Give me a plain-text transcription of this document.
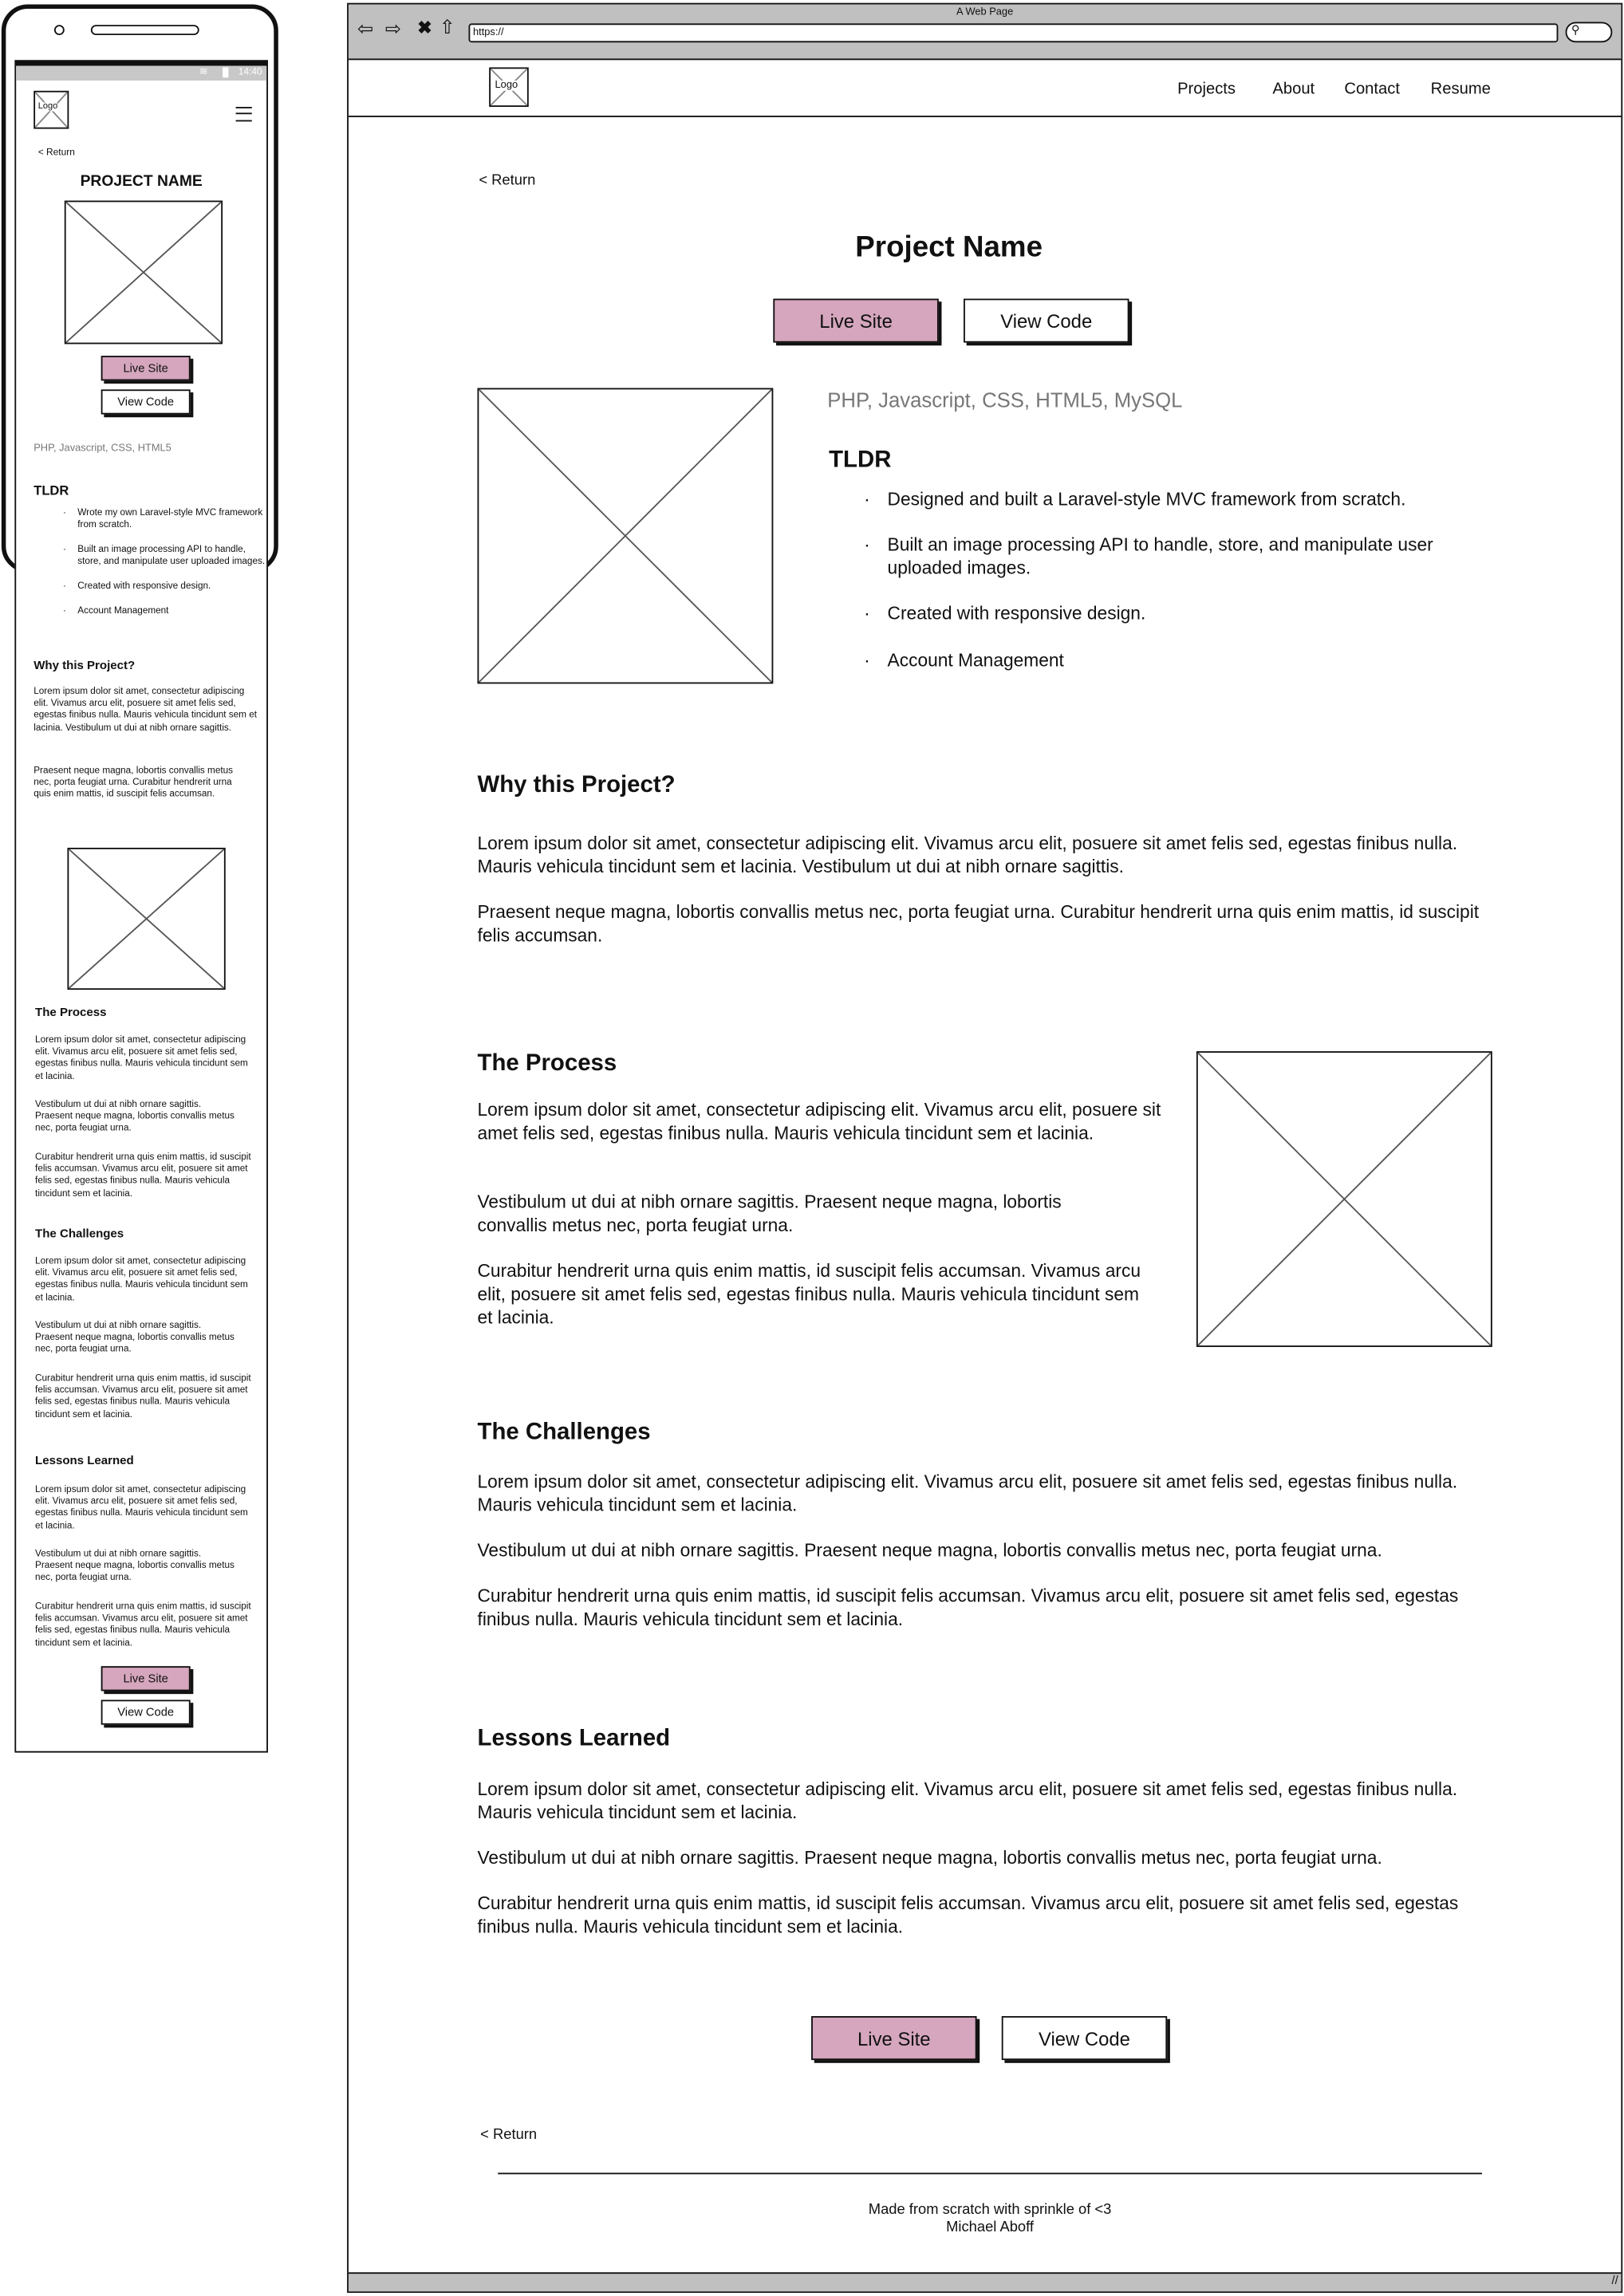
≋	14:40
Logo
< Return
PROJECT NAME
Live Site
View Code
PHP, Javascript, CSS, HTML5
TLDR
· Wrote my own Laravel-style MVC framework from scratch.
· Built an image processing API to handle, store, and manipulate user uploaded images.
· Created with responsive design.
· Account Management
Why this Project?

Lorem ipsum dolor sit amet, consectetur adipiscing elit. Vivamus arcu elit, posuere sit amet felis sed, egestas finibus nulla. Mauris vehicula tincidunt sem et lacinia. Vestibulum ut dui at nibh ornare sagittis.

Praesent neque magna, lobortis convallis metus nec, porta feugiat urna. Curabitur hendrerit urna quis enim mattis, id suscipit felis accumsan.

The Process

Lorem ipsum dolor sit amet, consectetur adipiscing elit. Vivamus arcu elit, posuere sit amet felis sed, egestas finibus nulla. Mauris vehicula tincidunt sem et lacinia.

Vestibulum ut dui at nibh ornare sagittis. Praesent neque magna, lobortis convallis metus nec, porta feugiat urna.

Curabitur hendrerit urna quis enim mattis, id suscipit felis accumsan. Vivamus arcu elit, posuere sit amet felis sed, egestas finibus nulla. Mauris vehicula tincidunt sem et lacinia.

The Challenges

Lorem ipsum dolor sit amet, consectetur adipiscing elit. Vivamus arcu elit, posuere sit amet felis sed, egestas finibus nulla. Mauris vehicula tincidunt sem et lacinia.

Vestibulum ut dui at nibh ornare sagittis. Praesent neque magna, lobortis convallis metus nec, porta feugiat urna.

Curabitur hendrerit urna quis enim mattis, id suscipit felis accumsan. Vivamus arcu elit, posuere sit amet felis sed, egestas finibus nulla. Mauris vehicula tincidunt sem et lacinia.

Lessons Learned

Lorem ipsum dolor sit amet, consectetur adipiscing elit. Vivamus arcu elit, posuere sit amet felis sed, egestas finibus nulla. Mauris vehicula tincidunt sem et lacinia.

Vestibulum ut dui at nibh ornare sagittis. Praesent neque magna, lobortis convallis metus nec, porta feugiat urna.

Curabitur hendrerit urna quis enim mattis, id suscipit felis accumsan. Vivamus arcu elit, posuere sit amet felis sed, egestas finibus nulla. Mauris vehicula tincidunt sem et lacinia.

Live Site
View Code
A Web Page
⇦ ⇨ ✖ ⇧	https://	⚲
Logo	Projects	About	Contact	Resume
//
< Return
Project Name
Live Site	View Code
PHP, Javascript, CSS, HTML5, MySQL
TLDR
· Designed and built a Laravel-style MVC framework from scratch.
· Built an image processing API to handle, store, and manipulate user uploaded images.
· Created with responsive design.
· Account Management
Why this Project?

Lorem ipsum dolor sit amet, consectetur adipiscing elit. Vivamus arcu elit, posuere sit amet felis sed, egestas finibus nulla. Mauris vehicula tincidunt sem et lacinia. Vestibulum ut dui at nibh ornare sagittis.

Praesent neque magna, lobortis convallis metus nec, porta feugiat urna. Curabitur hendrerit urna quis enim mattis, id suscipit felis accumsan.

The Process

Lorem ipsum dolor sit amet, consectetur adipiscing elit. Vivamus arcu elit, posuere sit amet felis sed, egestas finibus nulla. Mauris vehicula tincidunt sem et lacinia.

Vestibulum ut dui at nibh ornare sagittis. Praesent neque magna, lobortis convallis metus nec, porta feugiat urna.

Curabitur hendrerit urna quis enim mattis, id suscipit felis accumsan. Vivamus arcu elit, posuere sit amet felis sed, egestas finibus nulla. Mauris vehicula tincidunt sem et lacinia.

The Challenges

Lorem ipsum dolor sit amet, consectetur adipiscing elit. Vivamus arcu elit, posuere sit amet felis sed, egestas finibus nulla. Mauris vehicula tincidunt sem et lacinia.

Vestibulum ut dui at nibh ornare sagittis. Praesent neque magna, lobortis convallis metus nec, porta feugiat urna.

Curabitur hendrerit urna quis enim mattis, id suscipit felis accumsan. Vivamus arcu elit, posuere sit amet felis sed, egestas finibus nulla. Mauris vehicula tincidunt sem et lacinia.

Lessons Learned

Lorem ipsum dolor sit amet, consectetur adipiscing elit. Vivamus arcu elit, posuere sit amet felis sed, egestas finibus nulla. Mauris vehicula tincidunt sem et lacinia.

Vestibulum ut dui at nibh ornare sagittis. Praesent neque magna, lobortis convallis metus nec, porta feugiat urna.

Curabitur hendrerit urna quis enim mattis, id suscipit felis accumsan. Vivamus arcu elit, posuere sit amet felis sed, egestas finibus nulla. Mauris vehicula tincidunt sem et lacinia.

Live Site	View Code
< Return
Made from scratch with sprinkle of <3
Michael Aboff
